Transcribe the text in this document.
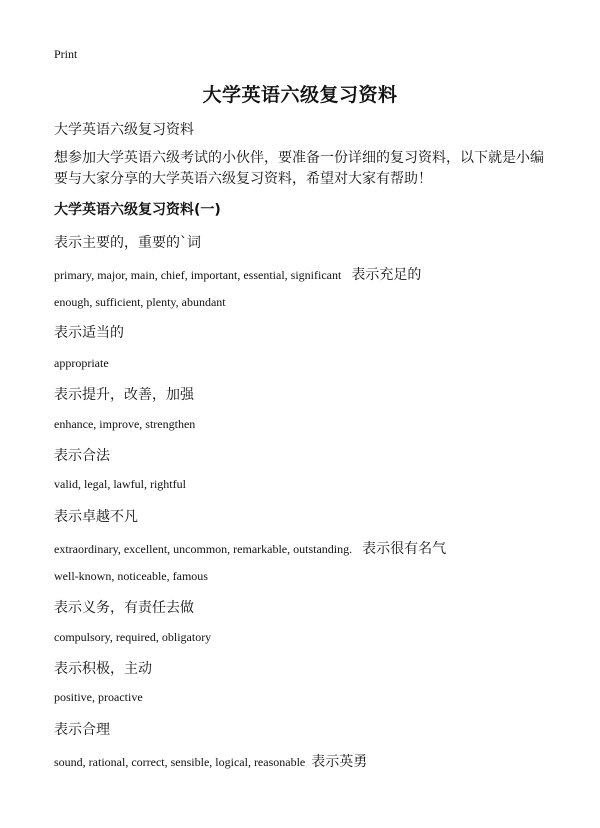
Print
大学英语六级复习资料
大学英语六级复习资料
想参加大学英语六级考试的小伙伴，要准备一份详细的复习资料，以下就是小编要与大家分享的大学英语六级复习资料，希望对大家有帮助！
大学英语六级复习资料(一)
表示主要的，重要的`词
primary, major, main, chief, important, essential, significant 表示充足的
enough, sufficient, plenty, abundant
表示适当的
appropriate
表示提升，改善，加强
enhance, improve, strengthen
表示合法
valid, legal, lawful, rightful
表示卓越不凡
extraordinary, excellent, uncommon, remarkable, outstanding. 表示很有名气
well-known, noticeable, famous
表示义务，有责任去做
compulsory, required, obligatory
表示积极，主动
positive, proactive
表示合理
sound, rational, correct, sensible, logical, reasonable 表示英勇
